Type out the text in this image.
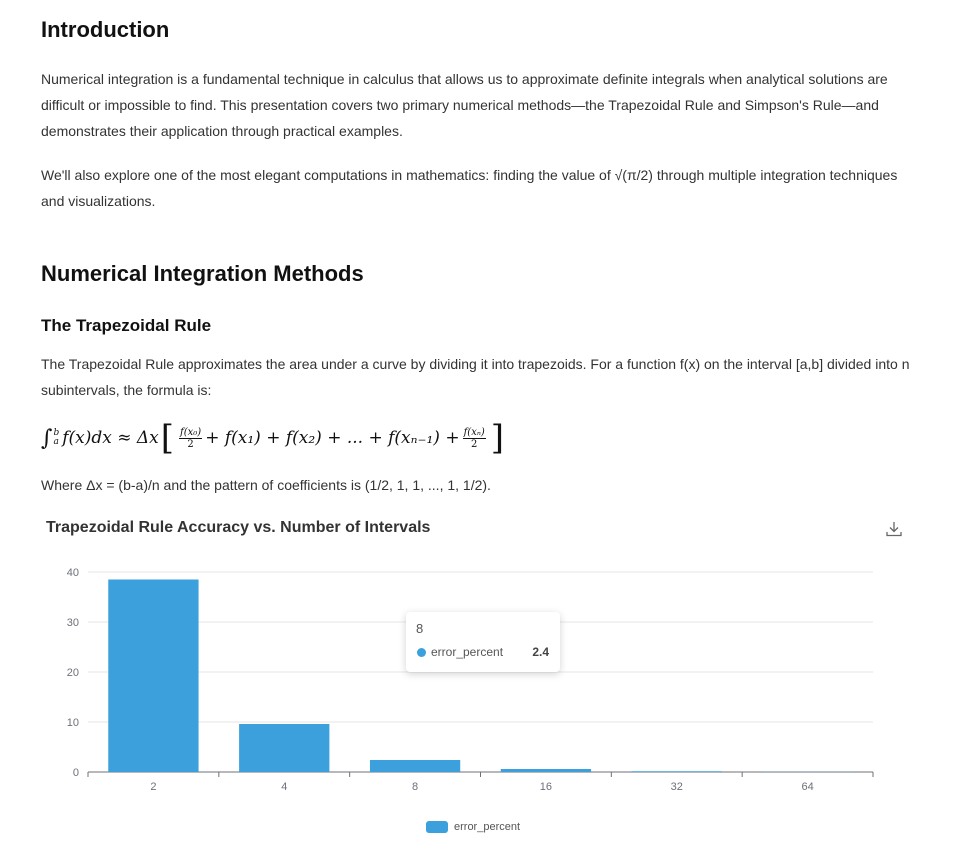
Introduction

Numerical integration is a fundamental technique in calculus that allows us to approximate definite integrals when analytical solutions are difficult or impossible to find. This presentation covers two primary numerical methods—the Trapezoidal Rule and Simpson's Rule—and demonstrates their application through practical examples.

We'll also explore one of the most elegant computations in mathematics: finding the value of √(π/2) through multiple integration techniques and visualizations.

Numerical Integration Methods
The Trapezoidal Rule

The Trapezoidal Rule approximates the area under a curve by dividing it into trapezoids. For a function f(x) on the interval [a,b] divided into n subintervals, the formula is:

∫ b
a f(x)dx ≈ Δx [ $\frac{\text{f(x₀)}}{2} + f(x_1) + f(x_2)$ + ... + $f(x_{n-1}) + \frac{\text{f(xₙ)}}{2}$ ]

Where Δx = (b-a)/n and the pattern of coefficients is (1/2, 1, 1, ..., 1, 1/2).

Trapezoidal Rule Accuracy vs. Number of Intervals
0
10
20
30
40
2	4	8	16	32	64
8
error_percent 2.4
error_percent
